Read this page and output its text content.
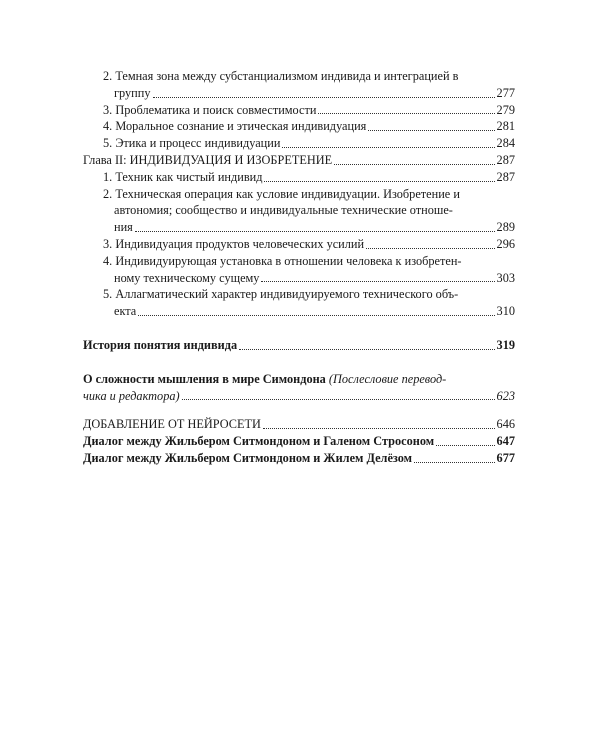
2. Темная зона между субстанциализмом индивида и интеграцией в
группу	277
3. Проблематика и поиск совместимости	279
4. Моральное сознание и этическая индивидуация	281
5. Этика и процесс индивидуации	284
Глава II: ИНДИВИДУАЦИЯ И ИЗОБРЕТЕНИЕ	287
1. Техник как чистый индивид	287
2. Техническая операция как условие индивидуации. Изобретение и
автономия; сообщество и индивидуальные технические отноше-
ния	289
3. Индивидуация продуктов человеческих усилий	296
4. Индивидуирующая установка в отношении человека к изобретен-
ному техническому сущему	303
5. Аллагматический характер индивидуируемого технического объ-
екта	310
История понятия индивида	319
О сложности мышления в мире Симондона (Послесловие перевод-
чика и редактора)	623
ДОБАВЛЕНИЕ ОТ НЕЙРОСЕТИ	646
Диалог между Жильбером Ситмондоном и Галеном Стросоном	647
Диалог между Жильбером Ситмондоном и Жилем Делёзом	677
